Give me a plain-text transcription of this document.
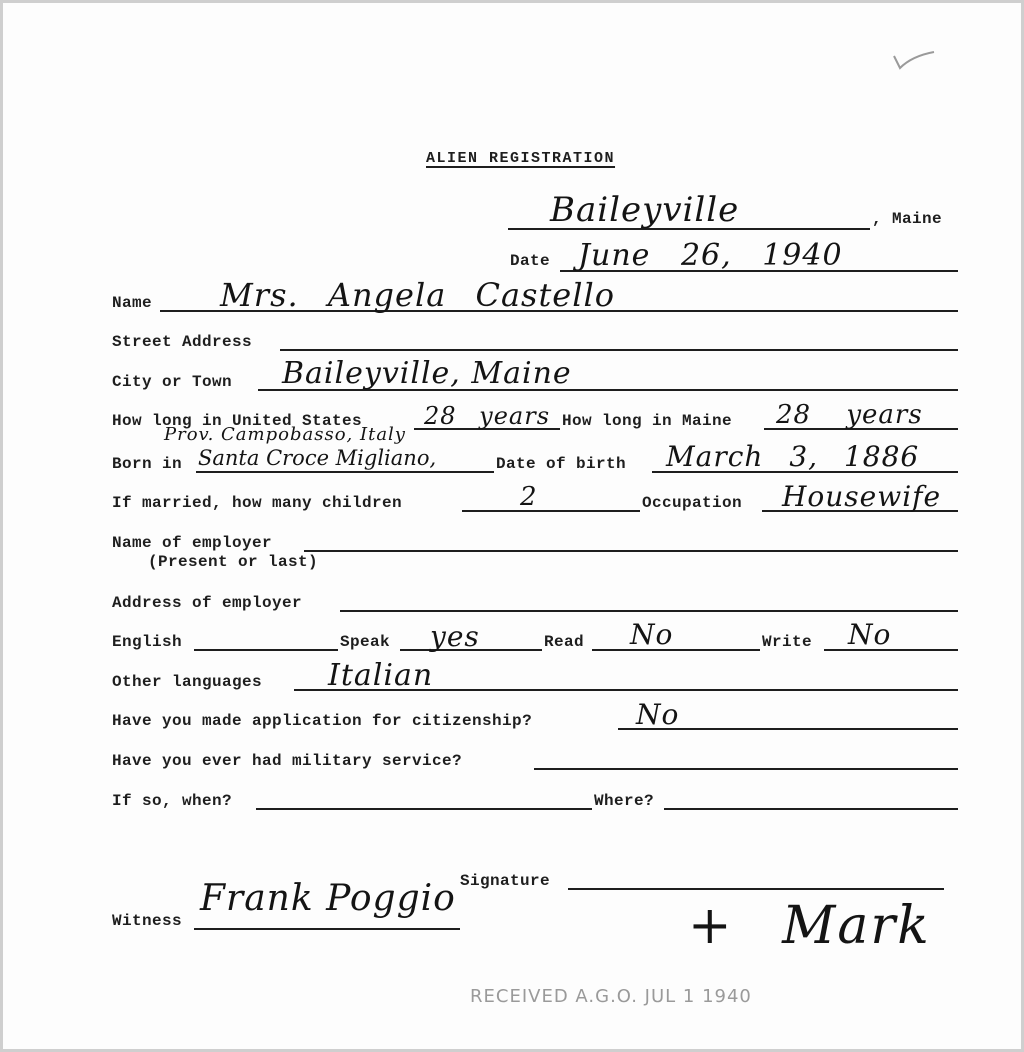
ALIEN REGISTRATION
Baileyville	, Maine
Date June 26, 1940
Name Mrs. Angela Castello
Street Address
City or Town Baileyville, Maine
How long in United States	28 years How long in Maine 28 years
Prov. Campobasso, Italy
Born in Santa Croce Migliano,	Date of birth March 3, 1886
If married, how many children	2	Occupation Housewife
Name of employer
(Present or last)
Address of employer
English	Speak yes	Read No	Write No
Other languages Italian
Have you made application for citizenship?	No
Have you ever had military service?
If so, when?	Where?
Signature
+ Mark
Witness
Frank Poggio
RECEIVED A.G.O. JUL 1 1940
